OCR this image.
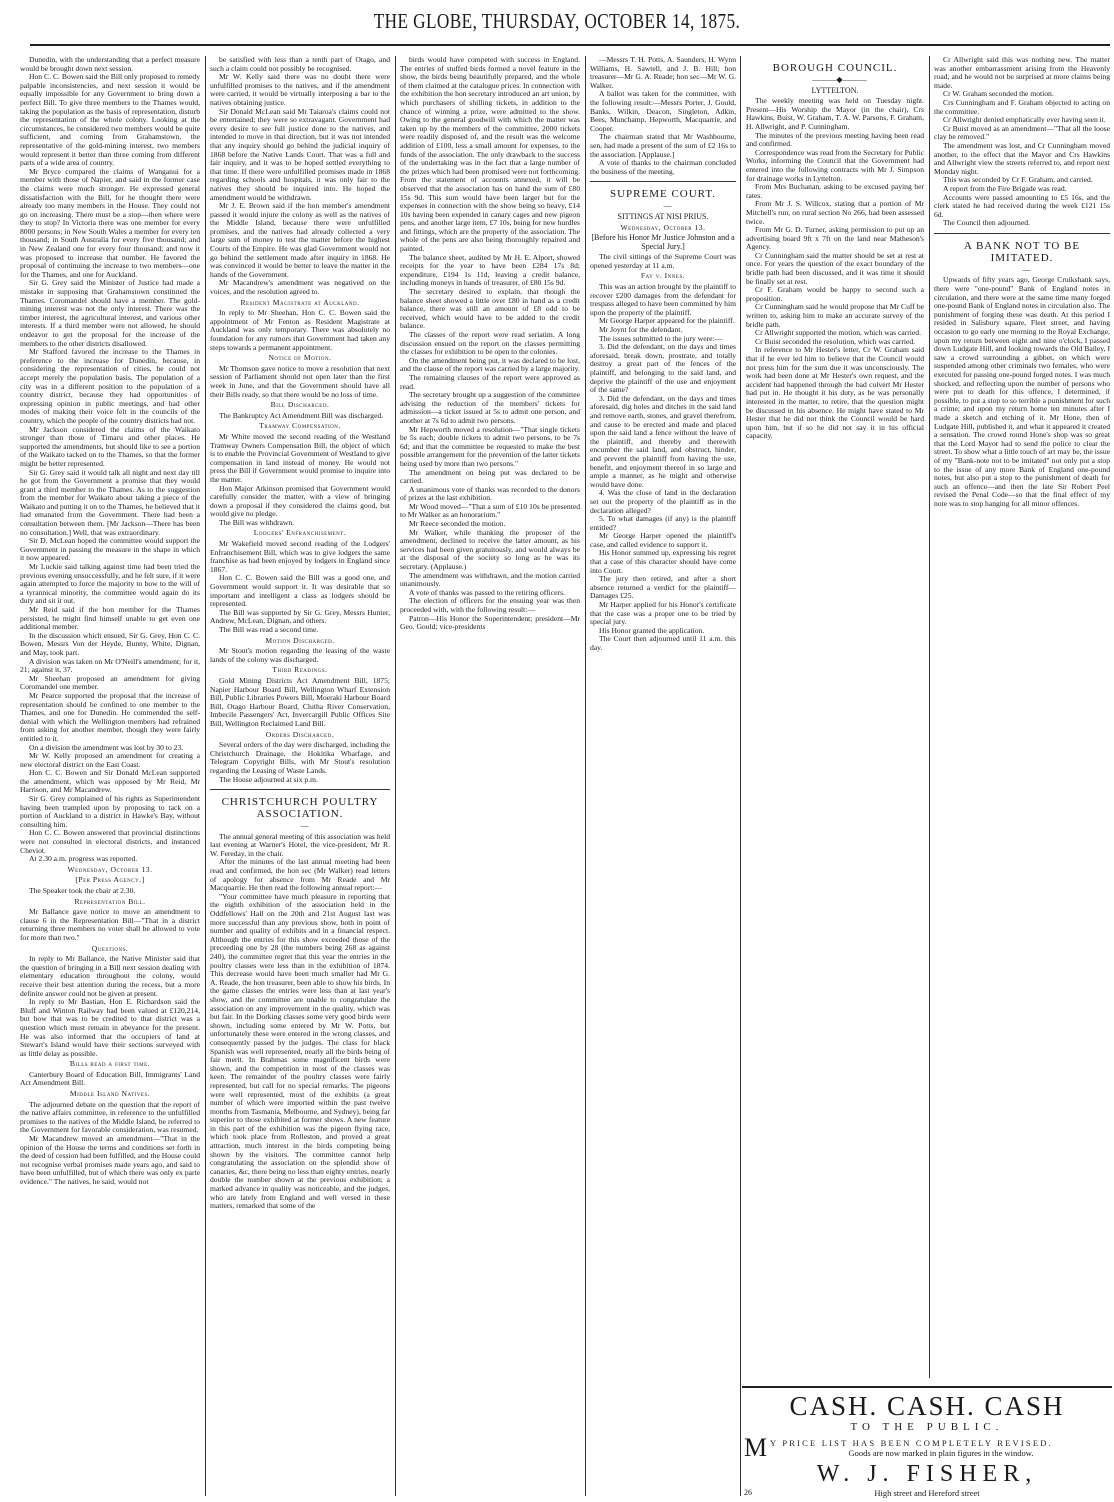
THE GLOBE, THURSDAY, OCTOBER 14, 1875.

Dunedin, with the understanding that a perfect measure would be brought down next session.

Hon C. C. Bowen said the Bill only proposed to remedy palpable inconsistencies, and next session it would be equally impossible for any Government to bring down a perfect Bill. To give three members to the Thames would, taking the population as the basis of representation, disturb the representation of the whole colony. Looking at the circumstances, he considered two members would be quite sufficient, and coming from Grahamstown, the representative of the gold-mining interest, two members would represent it better than three coming from different parts of a wide area of country.

Mr Bryce compared the claims of Wanganui for a member with those of Napier, and said in the former case the claims were much stronger. He expressed general dissatisfaction with the Bill, for he thought there were already too many members in the House. They could not go on increasing. There must be a stop—then where were they to stop? In Victoria there was one member for every 8000 persons; in New South Wales a member for every ten thousand; in South Australia for every five thousand; and in New Zealand one for every four thousand; and now it was proposed to increase that number. He favored the proposal of continuing the increase to two members—one for the Thames, and one for Auckland.

Sir G. Grey said the Minister of Justice had made a mistake in supposing that Grahamstown constituted the Thames. Coromandel should have a member. The gold-mining interest was not the only interest. There was the timber interest, the agricultural interest, and various other interests. If a third member were not allowed, he should endeavor to get the proposal for the increase of the members to the other districts disallowed.

Mr Stafford favored the increase to the Thames in preference to the increase for Dunedin, because, in considering the representation of cities, he could not accept merely the population basis. The population of a city was in a different position to the population of a country district, because they had opportunities of expressing opinion in public meetings, and had other modes of making their voice felt in the councils of the country, which the people of the country districts had not.

Mr Jackson considered the claims of the Waikato stronger than those of Timaru and other places. He supported the amendments, but should like to see a portion of the Waikato tacked on to the Thames, so that the former might be better represented.

Sir G. Grey said it would talk all night and next day till he got from the Government a promise that they would grant a third member to the Thames. As to the suggestion from the member for Waikato about taking a piece of the Waikato and putting it on to the Thames, he believed that it had emanated from the Government. There had been a consultation between them. [Mr Jackson—There has been no consultation.] Well, that was extraordinary.

Sir D. McLean hoped the committee would support the Government in passing the measure in the shape in which it now appeared.

Mr Luckie said talking against time had been tried the previous evening unsuccessfully, and he felt sure, if it were again attempted to force the majority to bow to the will of a tyrannical minority, the committee would again do its duty and sit it out.

Mr Reid said if the hon member for the Thames persisted, he might find himself unable to get even one additional member.

In the discussion which ensued, Sir G. Grey, Hon C. C. Bowen, Messrs Von der Heyde, Bunny, White, Dignan, and May, took part.

A division was taken on Mr O'Neill's amendment; for it, 21; against it, 37.

Mr Sheehan proposed an amendment for giving Coromandel one member.

Mr Pearce supported the proposal that the increase of representation should be confined to one member to the Thames, and one for Dunedin. He commended the self-denial with which the Wellington members had refrained from asking for another member, though they were fairly entitled to it.

On a division the amendment was lost by 30 to 23.

Mr W. Kelly proposed an amendment for creating a new electoral district on the East Coast.

Hon C. C. Bowen and Sir Donald McLean supported the amendment, which was opposed by Mr Reid, Mr Harrison, and Mr Macandrew.

Sir G. Grey complained of his rights as Superintendent having been trampled upon by proposing to tack on a portion of Auckland to a district in Hawke's Bay, without consulting him.

Hon C. C. Bowen answered that provincial distinctions were not consulted in electoral districts, and instanced Cheviot.

At 2.30 a.m. progress was reported.

Wednesday, October 13.

[Per Press Agency.]

The Speaker took the chair at 2.30.

Representation Bill.

Mr Ballance gave notice to move an amendment to clause 6 in the Representation Bill—"That in a district returning three members no voter shall be allowed to vote for more than two."

Questions.

In reply to Mr Ballance, the Native Minister said that the question of bringing in a Bill next session dealing with elementary education throughout the colony, would receive their best attention during the recess, but a more definite answer could not be given at present.

In reply to Mr Bastian, Hon E. Richardson said the Bluff and Winton Railway had been valued at £120,214, but how that was to be credited to that district was a question which must remain in abeyance for the present. He was also informed that the occupiers of land at Stewart's Island would have their sections surveyed with as little delay as possible.

Bills read a first time.

Canterbury Board of Education Bill, Immigrants' Land Act Amendment Bill.

Middle Island Natives.

The adjourned debate on the question that the report of the native affairs committee, in reference to the unfulfilled promises to the natives of the Middle Island, be referred to the Government for favorable consideration, was resumed.

Mr Macandrew moved an amendment—"That in the opinion of the House the terms and conditions set forth in the deed of cession had been fulfilled, and the House could not recognise verbal promises made years ago, and said to have been unfulfilled, but of which there was only ex parte evidence." The natives, he said, would not

be satisfied with less than a tenth part of Otago, and such a claim could not possibly be recognised.

Mr W. Kelly said there was no doubt there were unfulfilled promises to the natives, and if the amendment were carried, it would be virtually interposing a bar to the natives obtaining justice.

Sir Donald McLean said Mr Taiaroa's claims could not be entertained; they were so extravagant. Government had every desire to see full justice done to the natives, and intended to move in that direction, but it was not intended that any inquiry should go behind the judicial inquiry of 1868 before the Native Lands Court. That was a full and fair inquiry, and it was to be hoped settled everything to that time. If there were unfulfilled promises made in 1868 regarding schools and hospitals, it was only fair to the natives they should be inquired into. He hoped the amendment would be withdrawn.

Mr J. E. Brown said if the hon member's amendment passed it would injure the colony as well as the natives of the Middle Island, because there were unfulfilled promises, and the natives had already collected a very large sum of money to test the matter before the highest Courts of the Empire. He was glad Government would not go behind the settlement made after inquiry in 1868. He was convinced it would be better to leave the matter in the hands of the Government.

Mr Macandrew's amendment was negatived on the voices, and the resolution agreed to.

Resident Magistrate at Auckland.

In reply to Mr Sheehan, Hon C. C. Bowen said the appointment of Mr Fenton as Resident Magistrate at Auckland was only temporary. There was absolutely no foundation for any rumors that Government had taken any steps towards a permanent appointment.

Notice of Motion.

Mr Thomson gave notice to move a resolution that next session of Parliament should not open later than the first week in June, and that the Government should have all their Bills ready, so that there would be no loss of time.

Bill Discharged.

The Bankruptcy Act Amendment Bill was discharged.

Tramway Compensation.

Mr White moved the second reading of the Westland Tramway Owners Compensation Bill, the object of which is to enable the Provincial Government of Westland to give compensation in land instead of money. He would not press the Bill if Government would promise to inquire into the matter.

Hon Major Atkinson promised that Government would carefully consider the matter, with a view of bringing down a proposal if they considered the claims good, but would give no pledge.

The Bill was withdrawn.

Lodgers' Enfranchisement.

Mr Wakefield moved second reading of the Lodgers' Enfranchisement Bill, which was to give lodgers the same franchise as had been enjoyed by lodgers in England since 1867.

Hon C. C. Bowen said the Bill was a good one, and Government would support it. It was desirable that so important and intelligent a class as lodgers should be represented.

The Bill was supported by Sir G. Grey, Messrs Hunter, Andrew, McLean, Dignan, and others.

The Bill was read a second time.

Motion Discharged.

Mr Stout's motion regarding the leasing of the waste lands of the colony was discharged.

Third Readings.

Gold Mining Districts Act Amendment Bill, 1875; Napier Harbour Board Bill, Wellington Wharf Extension Bill, Public Libraries Powers Bill, Moeraki Harbour Board Bill, Otago Harbour Board, Clutha River Conservation, Imbecile Passengers' Act, Invercargill Public Offices Site Bill, Wellington Reclaimed Land Bill.

Orders Discharged.

Several orders of the day were discharged, including the Christchurch Drainage, the Hokitika Wharfage, and Telegram Copyright Bills, with Mr Stout's resolution regarding the Leasing of Waste Lands.

The House adjourned at six p.m.

CHRISTCHURCH POULTRY ASSOCIATION.

—

The annual general meeting of this association was held last evening at Warner's Hotel, the vice-president, Mr R. W. Fereday, in the chair.

After the minutes of the last annual meeting had been read and confirmed, the hon sec (Mr Walker) read letters of apology for absence from Mr Reade and Mr Macquarrie. He then read the following annual report:—

"Your committee have much pleasure in reporting that the eighth exhibition of the association held in the Oddfellows' Hall on the 20th and 21st August last was more successful than any previous show, both in point of number and quality of exhibits and in a financial respect. Although the entries for this show exceeded those of the preceeding one by 28 (the numbers being 268 as against 240), the committee regret that this year the entries in the poultry classes were less than in the exhibition of 1874. This decrease would have been much smaller had Mr G. A. Reade, the hon treasurer, been able to show his birds. In the game classes the entries were less than at last year's show, and the committee are unable to congratulate the association on any improvement in the quality, which was but fair. In the Dorking classes some very good birds were shown, including some entered by Mr W. Potts, but unfortunately these were entered in the wrong classes, and consequently passed by the judges. The class for black Spanish was well represented, nearly all the birds being of fair merit. In Brahmas some magnificent birds were shown, and the competition in most of the classes was keen. The remainder of the poultry classes were fairly represented, but call for no special remarks. The pigeons were well represented, most of the exhibits (a great number of which were imported within the past twelve months from Tasmania, Melbourne, and Sydney), being far superior to those exhibited at former shows. A new feature in this part of the exhibition was the pigeon flying race, which took place from Rolleston, and proved a great attraction, much interest in the birds competing being shown by the visitors. The committee cannot help congratulating the association on the splendid show of canaries, &c, there being no less than eighty entries, nearly double the number shown at the previous exhibition; a marked advance in quality was noticeable, and the judges, who are lately from England and well versed in these matters, remarked that some of the

birds would have competed with success in England. The entries of stuffed birds formed a novel feature in the show, the birds being beautifully prepared, and the whole of them claimed at the catalogue prices. In connection with the exhibition the hon secretary introduced an art union, by which purchasers of shilling tickets, in addition to the chance of winning a prize, were admitted to the show. Owing to the general goodwill with which the matter was taken up by the members of the committee, 2000 tickets were readily disposed of, and the result was the welcome addition of £100, less a small amount for expenses, to the funds of the association. The only drawback to the success of the undertaking was in the fact that a large number of the prizes which had been promised were not forthcoming. From the statement of accounts annexed, it will be observed that the association has on hand the sum of £80 15s 9d. This sum would have been larger but for the expenses in connection with the show being so heavy, £14 10s having been expended in canary cages and new pigeon pens, and another large item, £7 10s, being for new hurdles and fittings, which are the property of the association. The whole of the pens are also being thoroughly repaired and painted.

The balance sheet, audited by Mr H. E. Alport, showed receipts for the year to have been £284 17s 8d; expenditure, £194 1s 11d, leaving a credit balance, including moneys in hands of treasurer, of £80 15s 9d.

The secretary desired to explain, that though the balance sheet showed a little over £80 in hand as a credit balance, there was still an amount of £8 odd to be received, which would have to be added to the credit balance.

The classes of the report were read seriatim. A long discussion ensued on the report on the classes permitting the classes for exhibition to be open to the colonies.

On the amendment being put, it was declared to be lost, and the clause of the report was carried by a large majority.

The remaining clauses of the report were approved as read.

The secretary brought up a suggestion of the committee advising the reduction of the members' tickets for admission—a ticket issued at 5s to admit one person, and another at 7s 6d to admit two persons.

Mr Hepworth moved a resolution—"That single tickets be 5s each; double tickets to admit two persons, to be 7s 6d; and that the committee be requested to make the best possible arrangement for the prevention of the latter tickets being used by more than two persons."

The amendment on being put was declared to be carried.

A unanimous vote of thanks was recorded to the donors of prizes at the last exhibition.

Mr Wood moved—"That a sum of £10 10s be presented to Mr Walker as an honorarium."

Mr Reece seconded the motion.

Mr Walker, while thanking the proposer of the amendment, declined to receive the latter amount, as his services had been given gratuitously, and would always be at the disposal of the society so long as he was its secretary. (Applause.)

The amendment was withdrawn, and the motion carried unanimously.

A vote of thanks was passed to the retiring officers.

The election of officers for the ensuing year was then proceeded with, with the following result:—

Patron—His Honor the Superintendent; president—Mr Geo. Gould; vice-presidents

—Messrs T. H. Potts, A. Saunders, H. Wynn Williams, H. Sawtell, and J. B. Hill; hon treasurer—Mr G. A. Reade; hon sec—Mr W. G. Walker.

A ballot was taken for the committee, with the following result:—Messrs Porter, J. Gould, Banks, Wilkin, Deacon, Singleton, Adkin, Bees, Munchamp, Hepworth, Macquarrie, and Cooper.

The chairman stated that Mr Washbourne, sen, had made a present of the sum of £2 16s to the association. [Applause.]

A vote of thanks to the chairman concluded the business of the meeting.

SUPREME COURT.

—

SITTINGS AT NISI PRIUS.

Wednesday, October 13.

[Before his Honor Mr Justice Johnston and a Special Jury.]

The civil sittings of the Supreme Court was opened yesterday at 11 a.m.

Fay v. Innes.

This was an action brought by the plaintiff to recover £200 damages from the defendant for trespass alleged to have been committed by him upon the property of the plaintiff.

Mr George Harper appeared for the plaintiff.

Mr Joynt for the defendant.

The issues submitted to the jury were:—

3. Did the defendant, on the days and times aforesaid, break down, prostrate, and totally destroy a great part of the fences of the plaintiff, and belonging to the said land, and deprive the plaintiff of the use and enjoyment of the same?

3. Did the defendant, on the days and times aforesaid, dig holes and ditches in the said land and remove earth, stones, and gravel therefrom, and cause to be erected and made and placed upon the said land a fence without the leave of the plaintiff, and thereby and therewith encumber the said land, and obstruct, hinder, and prevent the plaintiff from having the use, benefit, and enjoyment thereof in so large and ample a manner, as he might and otherwise would have done.

4. Was the close of land in the declaration set out the property of the plaintiff as in the declaration alleged?

5. To what damages (if any) is the plaintiff entitled?

Mr George Harper opened the plaintiff's case, and called evidence to support it.

His Honor summed up, expressing his regret that a case of this character should have come into Court.

The jury then retired, and after a short absence returned a verdict for the plaintiff—Damages £25.

Mr Harper applied for his Honor's certificate that the case was a proper one to be tried by special jury.

His Honor granted the application.

The Court then adjourned until 11 a.m. this day.

BOROUGH COUNCIL.

———◆———

LYTTELTON.

The weekly meeting was held on Tuesday night. Present—His Worship the Mayor (in the chair), Crs Hawkins, Buist, W. Graham, T. A. W. Parsons, F. Graham, H. Allwright, and P. Cunningham.

The minutes of the previous meeting having been read and confirmed.

Correspondence was read from the Secretary for Public Works, informing the Council that the Government had entered into the following contracts with Mr J. Simpson for drainage works in Lyttelton.

From Mrs Buchanan, asking to be excused paying her rates.

From Mr J. S. Willcox, stating that a portion of Mr Mitchell's run, on rural section No 266, had been assessed twice.

From Mr G. D. Turner, asking permission to put up an advertising board 9ft x 7ft on the land near Matheson's Agency.

Cr Cunningham said the matter should be set at rest at once. For years the question of the exact boundary of the bridle path had been discussed, and it was time it should be finally set at rest.

Cr F. Graham would be happy to second such a proposition.

Cr Cunningham said he would propose that Mr Cuff be written to, asking him to make an accurate survey of the bridle path.

Cr Allwright supported the motion, which was carried.

Cr Buist seconded the resolution, which was carried.

In reference to Mr Hester's letter, Cr W. Graham said that if he ever led him to believe that the Council would not press him for the sum due it was unconsciously. The work had been done at Mr Hester's own request, and the accident had happened through the bad culvert Mr Hester had put in. He thought it his duty, as he was personally interested in the matter, to retire, that the question might be discussed in his absence. He might have stated to Mr Hester that he did not think the Council would be hard upon him, but if so he did not say it in his official capacity.

Cr Allwright said this was nothing new. The matter was another embarrassment arising from the Heavenly road, and he would not be surprised at more claims being made.

Cr W. Graham seconded the motion.

Crs Cunningham and F. Graham objected to acting on the committee.

Cr Allwright denied emphatically ever having seen it.

Cr Buist moved as an amendment—"That all the loose clay be removed."

The amendment was lost, and Cr Cunningham moved another, to the effect that the Mayor and Crs Hawkins and Allwright view the streets referred to, and report next Monday night.

This was seconded by Cr F. Graham, and carried.

A report from the Fire Brigade was read.

Accounts were passed amounting to £5 16s, and the clerk stated he had received during the week £121 15s 6d.

The Council then adjourned.

A BANK NOT TO BE IMITATED.

—

Upwards of fifty years ago, George Cruikshank says, there were "one-pound" Bank of England notes in circulation, and there were at the same time many forged one-pound Bank of England notes in circulation also. The punishment of forging these was death. At this period I resided in Salisbury square, Fleet street, and having occasion to go early one morning to the Royal Exchange, upon my return between eight and nine o'clock, I passed down Ludgate Hill, and looking towards the Old Bailey, I saw a crowd surrounding a gibbet, on which were suspended among other criminals two females, who were executed for passing one-pound forged notes. I was much shocked, and reflecting upon the number of persons who were put to death for this offence, I determined, if possible, to put a stop to so terrible a punishment for such a crime; and upon my return home ten minutes after I made a sketch and etching of it. Mr Hone, then of Ludgate Hill, published it, and what it appeared it created a sensation. The crowd round Hone's shop was so great that the Lord Mayor had to send the police to clear the street. To show what a little touch of art may be, the issue of my "Bank-note not to be imitated" not only put a stop to the issue of any more Bank of England one-pound notes, but also put a stop to the punishment of death for such an offence—and then the late Sir Robert Peel revised the Penal Code—so that the final effect of my note was to stop hanging for all minor offences.

CASH. CASH. CASH
TO THE PUBLIC.
M Y PRICE LIST HAS BEEN COMPLETELY REVISED.
Goods are now marked in plain figures in the window.
W. J. FISHER,
26	High street and Hereford street
